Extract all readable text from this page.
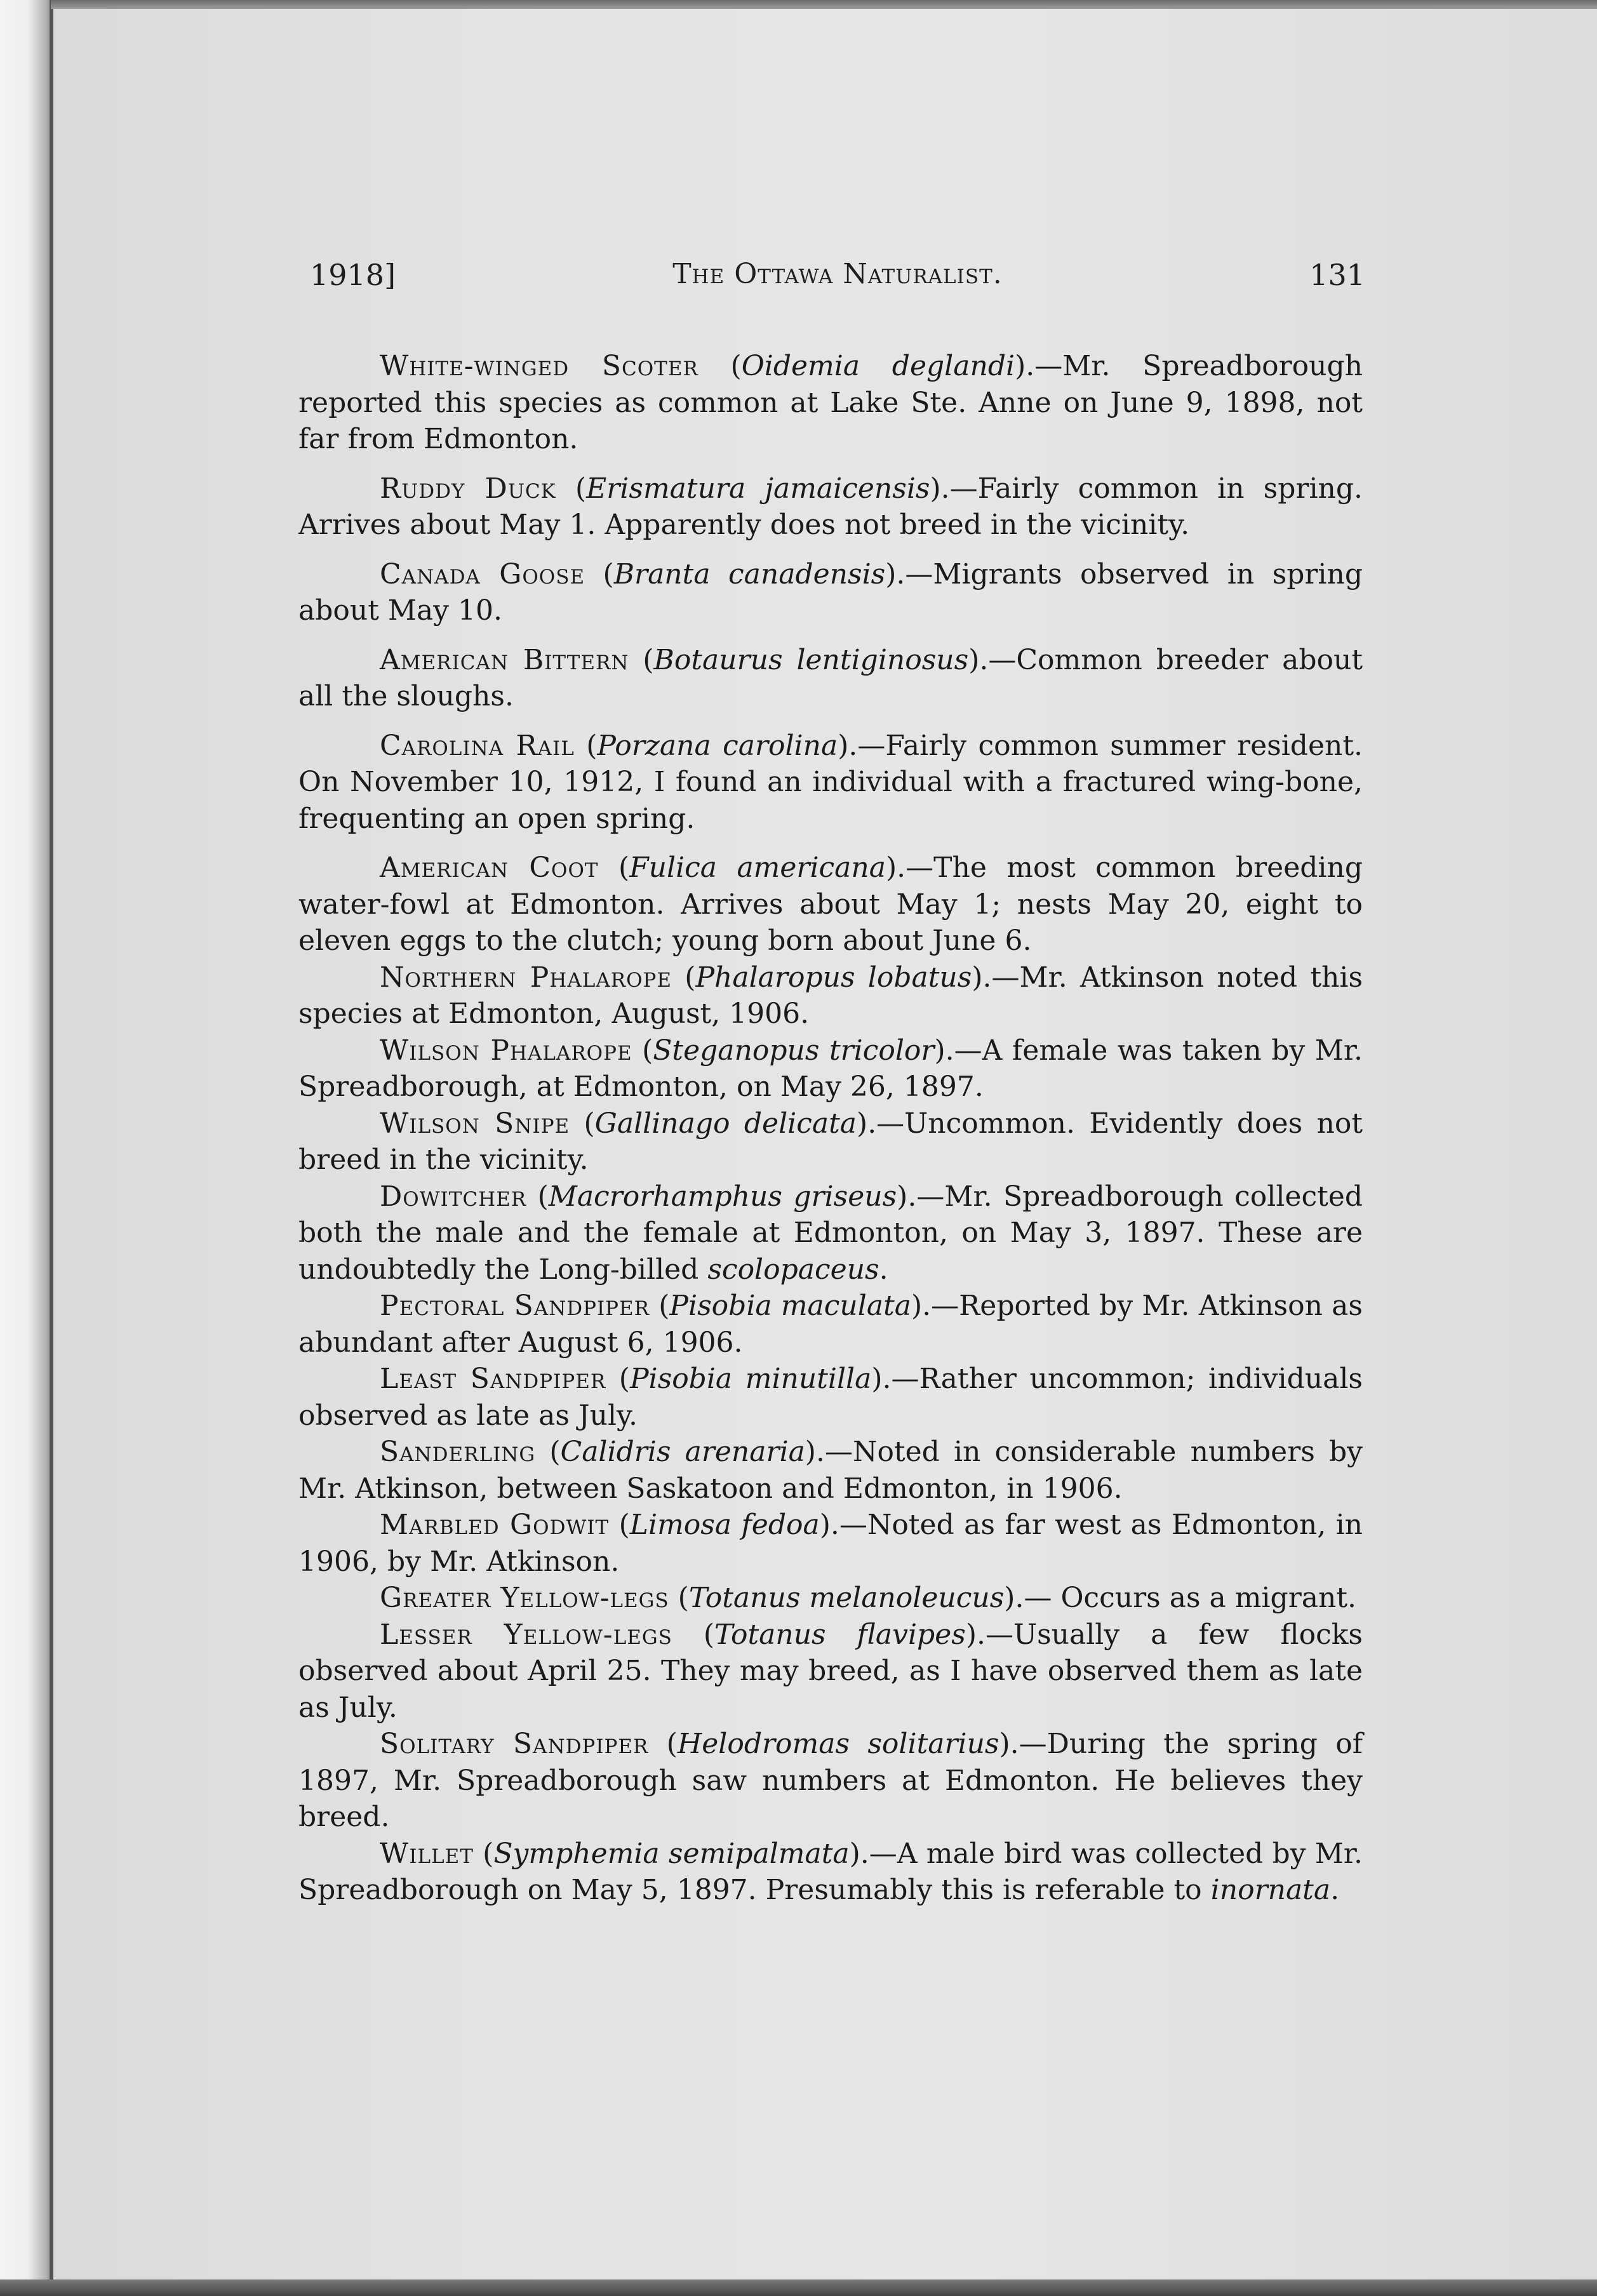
1918]	The Ottawa Naturalist.	131

White-winged Scoter (Oidemia deglandi).—Mr. Spreadborough reported this species as common at Lake Ste. Anne on June 9, 1898, not far from Edmonton.

Ruddy Duck (Erismatura jamaicensis).—Fairly common in spring. Arrives about May 1. Apparently does not breed in the vicinity.

Canada Goose (Branta canadensis).—Migrants observed in spring about May 10.

American Bittern (Botaurus lentiginosus).—Common breeder about all the sloughs.

Carolina Rail (Porzana carolina).—Fairly common summer resident. On November 10, 1912, I found an individual with a fractured wing-bone, frequenting an open spring.

American Coot (Fulica americana).—The most common breeding water-fowl at Edmonton. Arrives about May 1; nests May 20, eight to eleven eggs to the clutch; young born about June 6.

Northern Phalarope (Phalaropus lobatus).—Mr. Atkinson noted this species at Edmonton, August, 1906.

Wilson Phalarope (Steganopus tricolor).—A female was taken by Mr. Spreadborough, at Edmonton, on May 26, 1897.

Wilson Snipe (Gallinago delicata).—Uncommon. Evidently does not breed in the vicinity.

Dowitcher (Macrorhamphus griseus).—Mr. Spreadborough collected both the male and the female at Edmonton, on May 3, 1897. These are undoubtedly the Long-billed scolopaceus.

Pectoral Sandpiper (Pisobia maculata).—Reported by Mr. Atkinson as abundant after August 6, 1906.

Least Sandpiper (Pisobia minutilla).—Rather uncommon; individuals observed as late as July.

Sanderling (Calidris arenaria).—Noted in considerable numbers by Mr. Atkinson, between Saskatoon and Edmonton, in 1906.

Marbled Godwit (Limosa fedoa).—Noted as far west as Edmonton, in 1906, by Mr. Atkinson.

Greater Yellow-legs (Totanus melanoleucus).— Occurs as a migrant.

Lesser Yellow-legs (Totanus flavipes).—Usually a few flocks observed about April 25. They may breed, as I have observed them as late as July.

Solitary Sandpiper (Helodromas solitarius).—During the spring of 1897, Mr. Spreadborough saw numbers at Edmonton. He believes they breed.

Willet (Symphemia semipalmata).—A male bird was collected by Mr. Spreadborough on May 5, 1897. Presumably this is referable to inornata.
